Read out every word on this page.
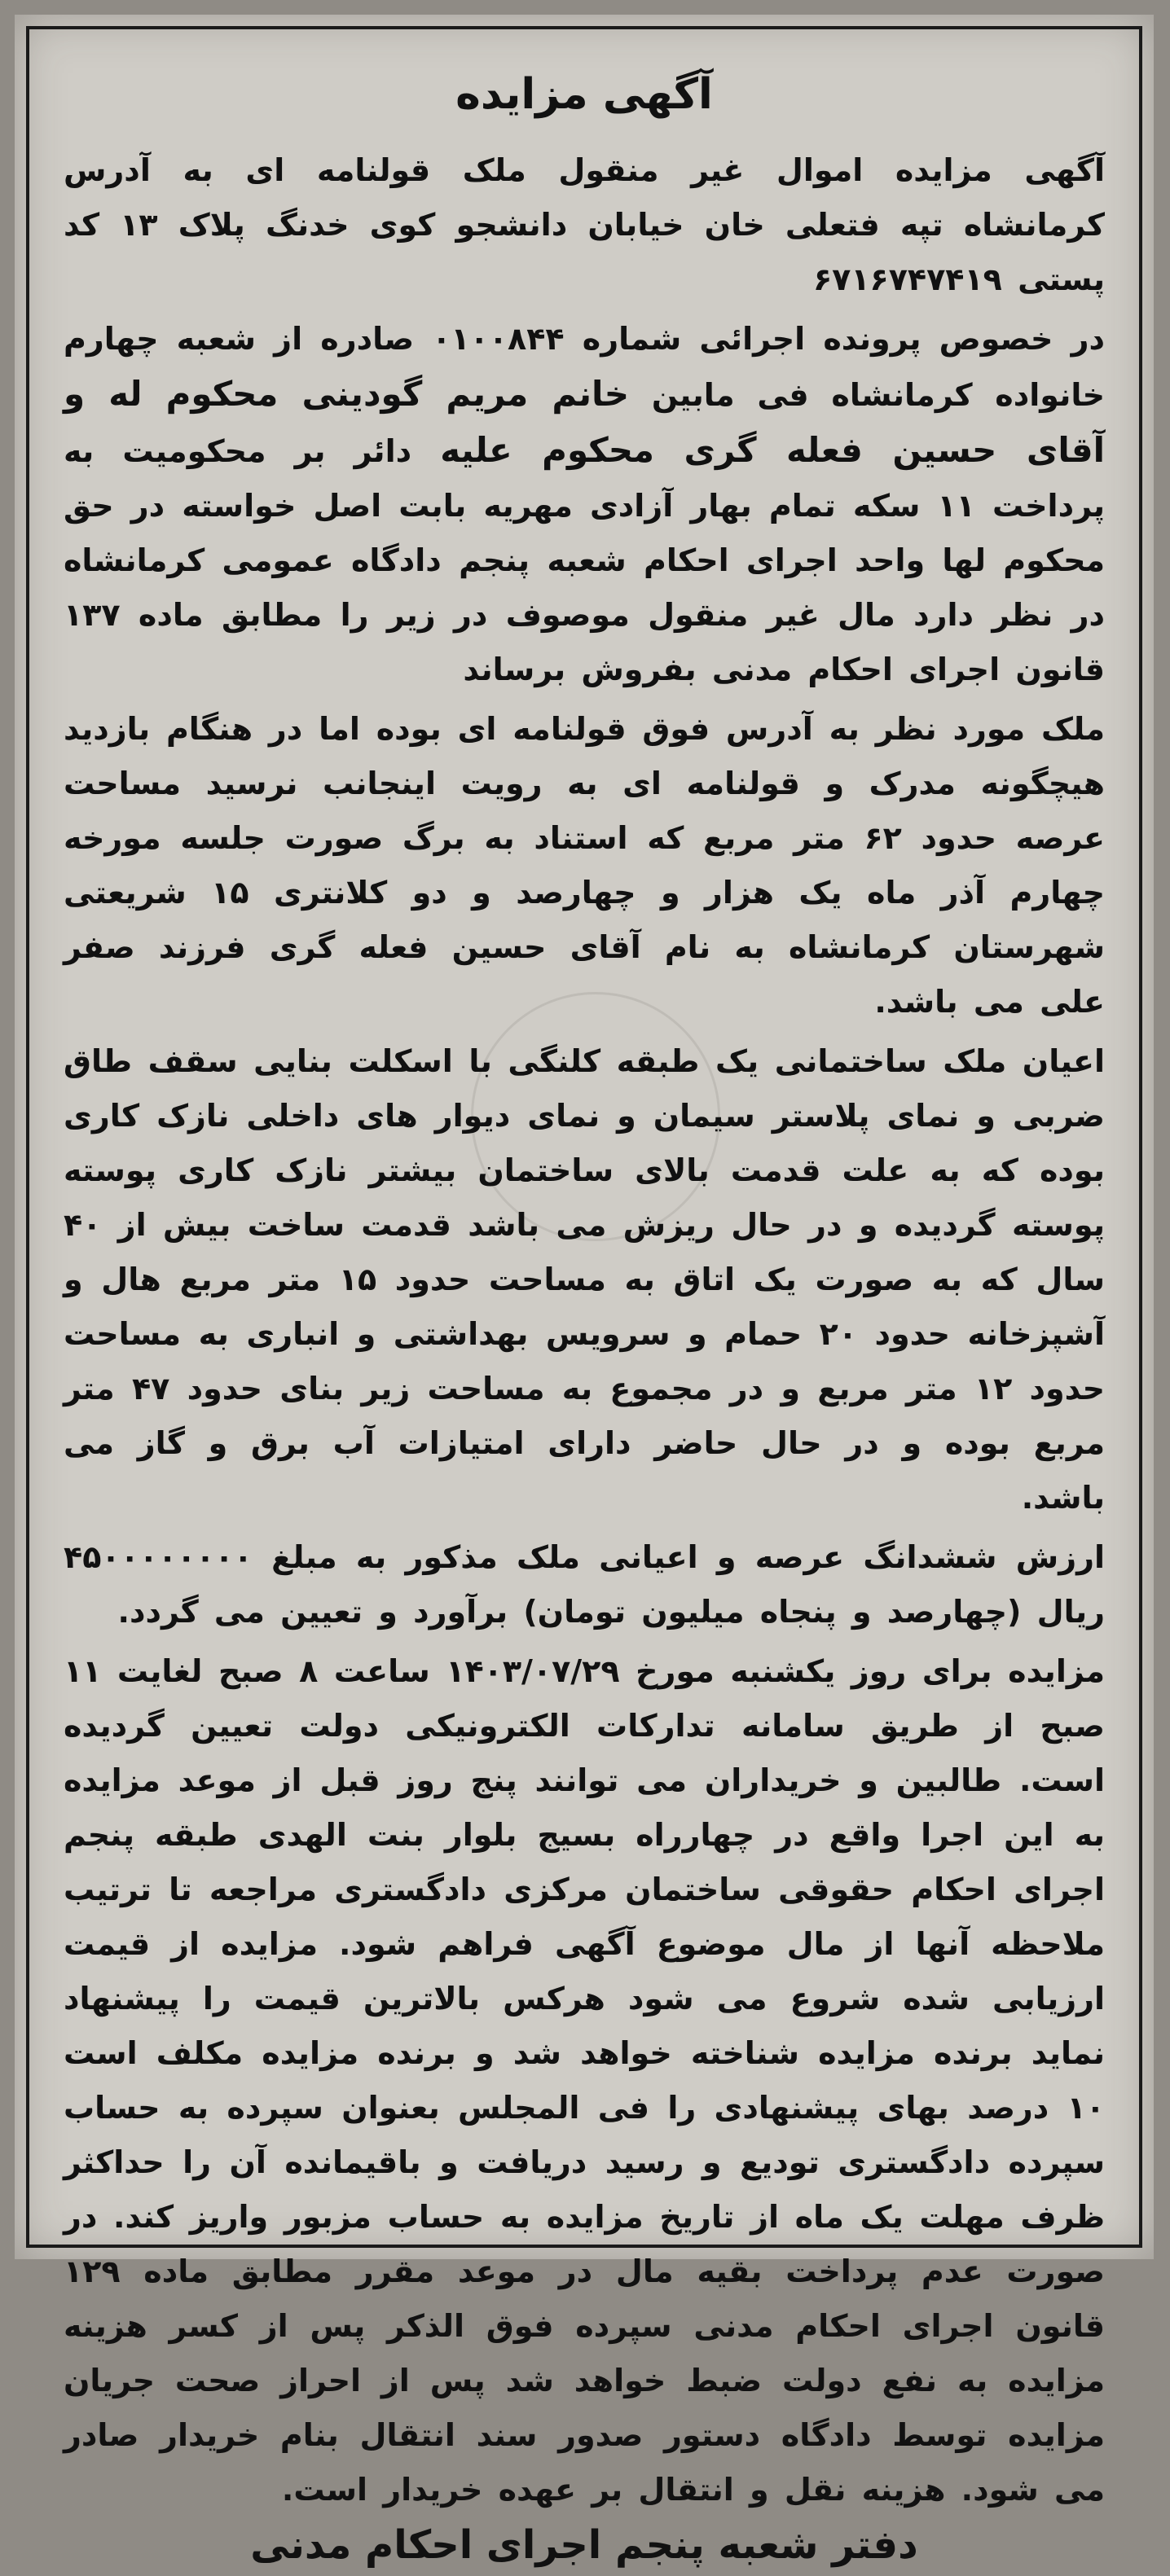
آگهی مزایده

آگهی مزایده اموال غیر منقول ملک قولنامه ای به آدرس کرمانشاه تپه فتعلی خان خیابان دانشجو کوی خدنگ پلاک ۱۳ کد پستی ۶۷۱۶۷۴۷۴۱۹

در خصوص پرونده اجرائی شماره ۰۱۰۰۸۴۴ صادره از شعبه چهارم خانواده کرمانشاه فی مابین خانم مریم گودینی محکوم له و آقای حسین فعله گری محکوم علیه دائر بر محکومیت به پرداخت ۱۱ سکه تمام بهار آزادی مهریه بابت اصل خواسته در حق محکوم لها واحد اجرای احکام شعبه پنجم دادگاه عمومی کرمانشاه در نظر دارد مال غیر منقول موصوف در زیر را مطابق ماده ۱۳۷ قانون اجرای احکام مدنی بفروش برساند

ملک مورد نظر به آدرس فوق قولنامه ای بوده اما در هنگام بازدید هیچگونه مدرک و قولنامه ای به رویت اینجانب نرسید مساحت عرصه حدود ۶۲ متر مربع که استناد به برگ صورت جلسه مورخه چهارم آذر ماه یک هزار و چهارصد و دو کلانتری ۱۵ شریعتی شهرستان کرمانشاه به نام آقای حسین فعله گری فرزند صفر علی می باشد.

اعیان ملک ساختمانی یک طبقه کلنگی با اسکلت بنایی سقف طاق ضربی و نمای پلاستر سیمان و نمای دیوار های داخلی نازک کاری بوده که به علت قدمت بالای ساختمان بیشتر نازک کاری پوسته پوسته گردیده و در حال ریزش می باشد قدمت ساخت بیش از ۴۰ سال که به صورت یک اتاق به مساحت حدود ۱۵ متر مربع هال و آشپزخانه حدود ۲۰ حمام و سرویس بهداشتی و انباری به مساحت حدود ۱۲ متر مربع و در مجموع به مساحت زیر بنای حدود ۴۷ متر مربع بوده و در حال حاضر دارای امتیازات آب برق و گاز می باشد.

ارزش ششدانگ عرصه و اعیانی ملک مذکور به مبلغ ۴۵۰۰۰۰۰۰۰۰ ریال (چهارصد و پنجاه میلیون تومان) برآورد و تعیین می گردد.

مزایده برای روز یکشنبه مورخ ۱۴۰۳/۰۷/۲۹ ساعت ۸ صبح لغایت ۱۱ صبح از طریق سامانه تدارکات الکترونیکی دولت تعیین گردیده است. طالبین و خریداران می توانند پنج روز قبل از موعد مزایده به این اجرا واقع در چهارراه بسیج بلوار بنت الهدی طبقه پنجم اجرای احکام حقوقی ساختمان مرکزی دادگستری مراجعه تا ترتیب ملاحظه آنها از مال موضوع آگهی فراهم شود. مزایده از قیمت ارزیابی شده شروع می شود هرکس بالاترین قیمت را پیشنهاد نماید برنده مزایده شناخته خواهد شد و برنده مزایده مکلف است ۱۰ درصد بهای پیشنهادی را فی المجلس بعنوان سپرده به حساب سپرده دادگستری تودیع و رسید دریافت و باقیمانده آن را حداکثر ظرف مهلت یک ماه از تاریخ مزایده به حساب مزبور واریز کند. در صورت عدم پرداخت بقیه مال در موعد مقرر مطابق ماده ۱۲۹ قانون اجرای احکام مدنی سپرده فوق الذکر پس از کسر هزینه مزایده به نفع دولت ضبط خواهد شد پس از احراز صحت جریان مزایده توسط دادگاه دستور صدور سند انتقال بنام خریدار صادر می شود. هزینه نقل و انتقال بر عهده خریدار است.

دفتر شعبه پنجم اجرای احکام مدنی
